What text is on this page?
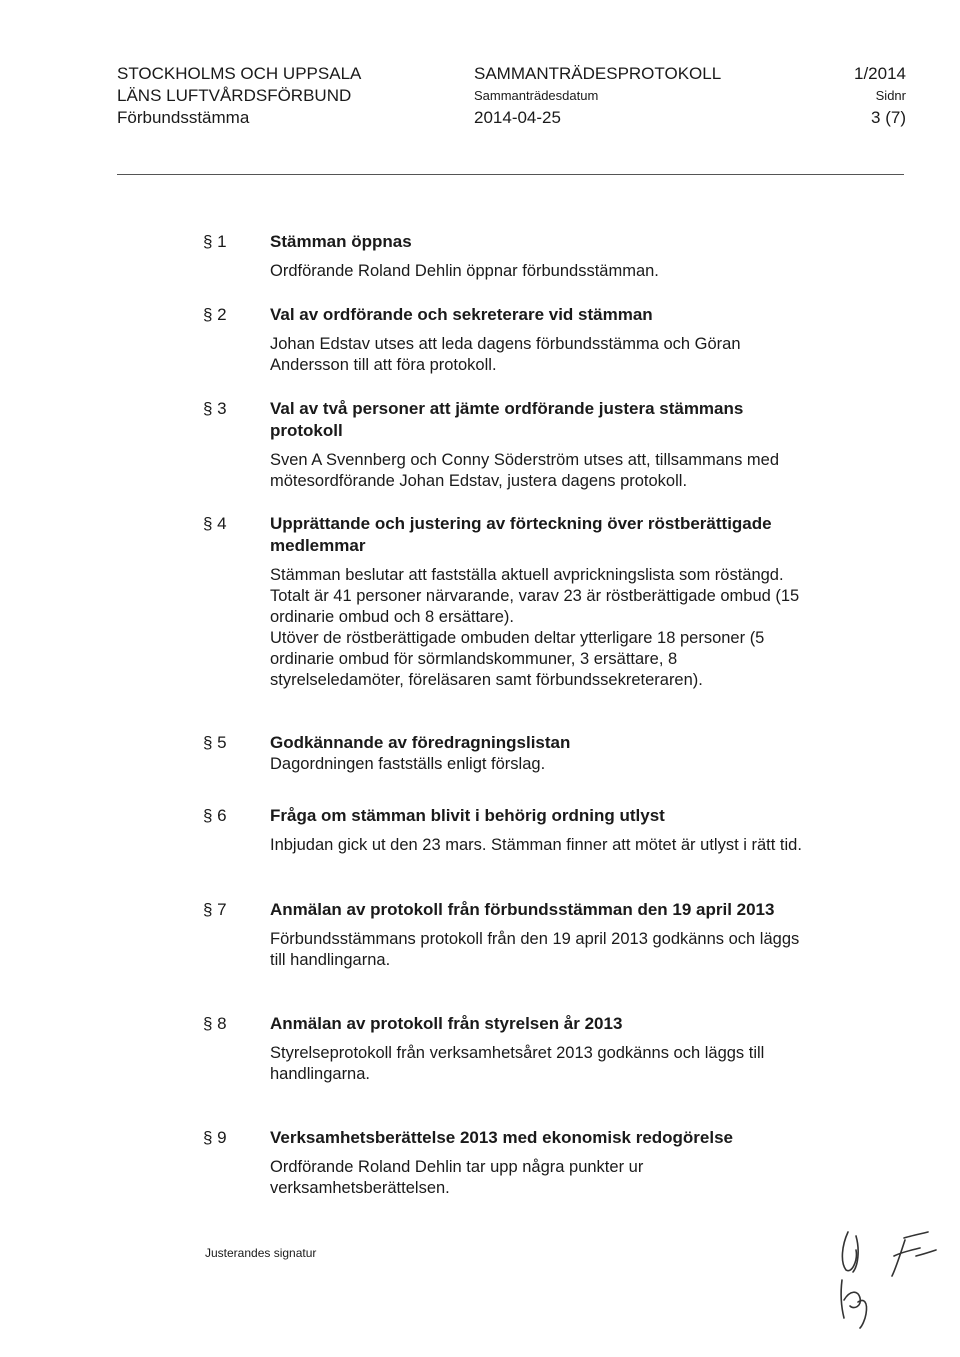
STOCKHOLMS OCH UPPSALA
LÄNS LUFTVÅRDSFÖRBUND
Förbundsstämma
SAMMANTRÄDESPROTOKOLL
Sammanträdesdatum
2014-04-25
1/2014
Sidnr
3 (7)
§ 1	Stämman öppnas

Ordförande Roland Dehlin öppnar förbundsstämman.

§ 2	Val av ordförande och sekreterare vid stämman

Johan Edstav utses att leda dagens förbundsstämma och Göran Andersson till att föra protokoll.

§ 3	Val av två personer att jämte ordförande justera stämmans protokoll

Sven A Svennberg och Conny Söderström utses att, tillsammans med mötesordförande Johan Edstav, justera dagens protokoll.

§ 4	Upprättande och justering av förteckning över röstberättigade medlemmar

Stämman beslutar att fastställa aktuell avprickningslista som röstängd.

Totalt är 41 personer närvarande, varav 23 är röstberättigade ombud (15 ordinarie ombud och 8 ersättare).

Utöver de röstberättigade ombuden deltar ytterligare 18 personer (5 ordinarie ombud för sörmlandskommuner, 3 ersättare, 8 styrelseledamöter, föreläsaren samt förbundssekreteraren).

§ 5	Godkännande av föredragningslistan

Dagordningen fastställs enligt förslag.

§ 6	Fråga om stämman blivit i behörig ordning utlyst

Inbjudan gick ut den 23 mars. Stämman finner att mötet är utlyst i rätt tid.

§ 7	Anmälan av protokoll från förbundsstämman den 19 april 2013

Förbundsstämmans protokoll från den 19 april 2013 godkänns och läggs till handlingarna.

§ 8	Anmälan av protokoll från styrelsen år 2013

Styrelseprotokoll från verksamhetsåret 2013 godkänns och läggs till handlingarna.

§ 9	Verksamhetsberättelse 2013 med ekonomisk redogörelse

Ordförande Roland Dehlin tar upp några punkter ur verksamhetsberättelsen.

Justerandes signatur
